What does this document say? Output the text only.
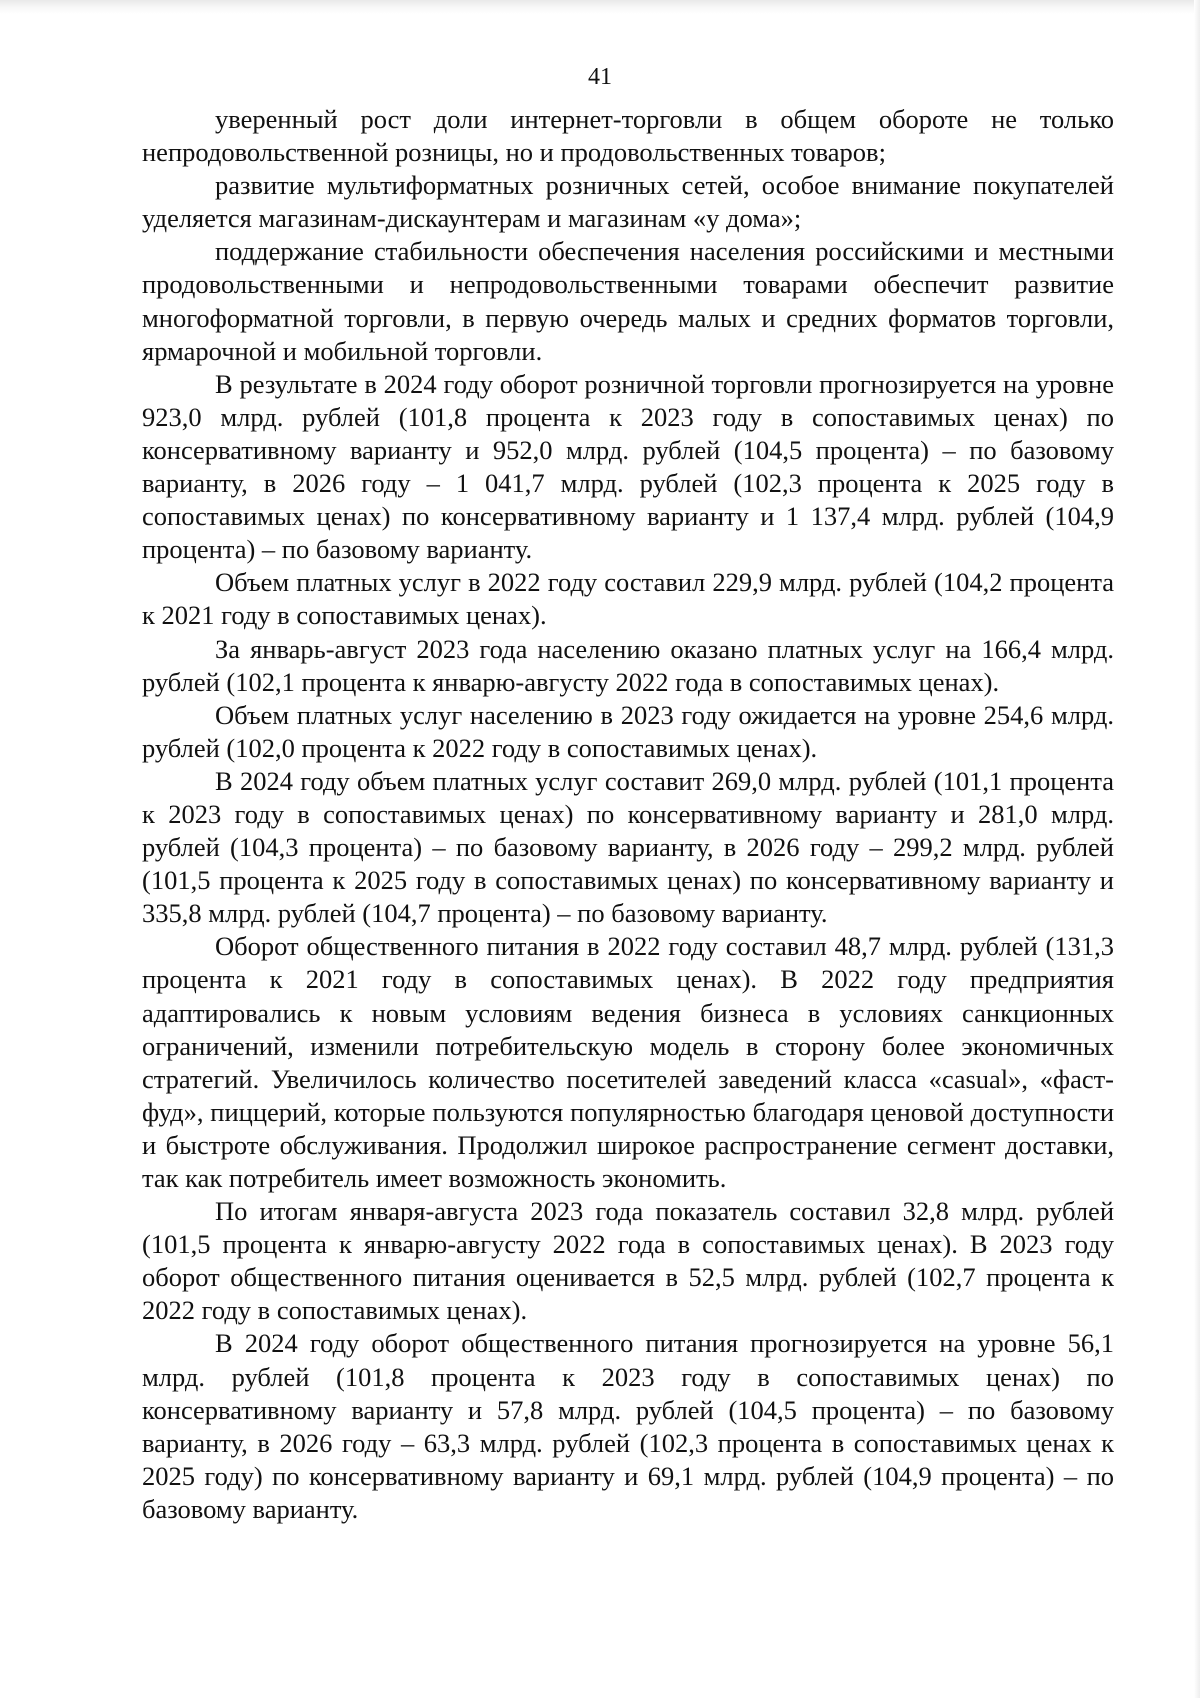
41

уверенный рост доли интернет-торговли в общем обороте не только непродовольственной розницы, но и продовольственных товаров;

развитие мультиформатных розничных сетей, особое внимание покупателей уделяется магазинам-дискаунтерам и магазинам «у дома»;

поддержание стабильности обеспечения населения российскими и местными продовольственными и непродовольственными товарами обеспечит развитие многоформатной торговли, в первую очередь малых и средних форматов торговли, ярмарочной и мобильной торговли.

В результате в 2024 году оборот розничной торговли прогнозируется на уровне 923,0 млрд. рублей (101,8 процента к 2023 году в сопоставимых ценах) по консервативному варианту и 952,0 млрд. рублей (104,5 процента) – по базовому варианту, в 2026 году – 1 041,7 млрд. рублей (102,3 процента к 2025 году в сопоставимых ценах) по консервативному варианту и 1 137,4 млрд. рублей (104,9 процента) – по базовому варианту.

Объем платных услуг в 2022 году составил 229,9 млрд. рублей (104,2 процента к 2021 году в сопоставимых ценах).

За январь-август 2023 года населению оказано платных услуг на 166,4 млрд. рублей (102,1 процента к январю-августу 2022 года в сопоставимых ценах).

Объем платных услуг населению в 2023 году ожидается на уровне 254,6 млрд. рублей (102,0 процента к 2022 году в сопоставимых ценах).

В 2024 году объем платных услуг составит 269,0 млрд. рублей (101,1 процента к 2023 году в сопоставимых ценах) по консервативному варианту и 281,0 млрд. рублей (104,3 процента) – по базовому варианту, в 2026 году – 299,2 млрд. рублей (101,5 процента к 2025 году в сопоставимых ценах) по консервативному варианту и 335,8 млрд. рублей (104,7 процента) – по базовому варианту.

Оборот общественного питания в 2022 году составил 48,7 млрд. рублей (131,3 процента к 2021 году в сопоставимых ценах). В 2022 году предприятия адаптировались к новым условиям ведения бизнеса в условиях санкционных ограничений, изменили потребительскую модель в сторону более экономичных стратегий. Увеличилось количество посетителей заведений класса «casual», «фаст-фуд», пиццерий, которые пользуются популярностью благодаря ценовой доступности и быстроте обслуживания. Продолжил широкое распространение сегмент доставки, так как потребитель имеет возможность экономить.

По итогам января-августа 2023 года показатель составил 32,8 млрд. рублей (101,5 процента к январю-августу 2022 года в сопоставимых ценах). В 2023 году оборот общественного питания оценивается в 52,5 млрд. рублей (102,7 процента к 2022 году в сопоставимых ценах).

В 2024 году оборот общественного питания прогнозируется на уровне 56,1 млрд. рублей (101,8 процента к 2023 году в сопоставимых ценах) по консервативному варианту и 57,8 млрд. рублей (104,5 процента) – по базовому варианту, в 2026 году – 63,3 млрд. рублей (102,3 процента в сопоставимых ценах к 2025 году) по консервативному варианту и 69,1 млрд. рублей (104,9 процента) – по базовому варианту.
